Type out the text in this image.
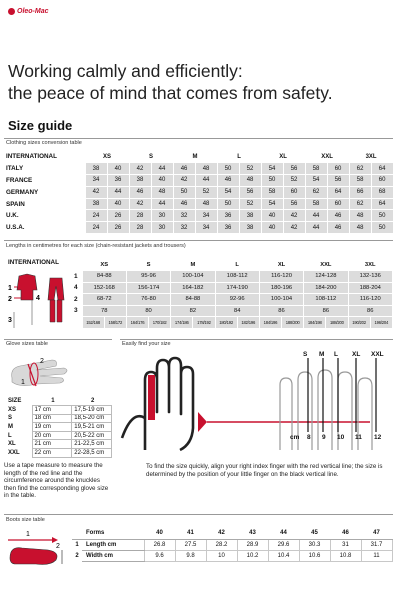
Oleo-Mac
Working calmly and efficiently:
the peace of mind that comes from safety.
Size guide
Clothing sizes conversion table
INTERNATIONAL	XS		S		M		L		XL		XXL		3XL	
ITALY	38	40	42	44	46	48	50	52	54	56	58	60	62	64
FRANCE	34	36	38	40	42	44	46	48	50	52	54	56	58	60
GERMANY	42	44	46	48	50	52	54	56	58	60	62	64	66	68
SPAIN	38	40	42	44	46	48	50	52	54	56	58	60	62	64
U.K.	24	26	28	30	32	34	36	38	40	42	44	46	48	50
U.S.A.	24	26	28	30	32	34	36	38	40	42	44	46	48	50
Lengths in centimetres for each size (chain-resistant jackets and trousers)
1
2
3
4
	XS		S		M		L		XL		XXL		3XL	
1	84-88		95-96		100-104		108-112		116-120		124-128		132-136	
4	152-168		156-174		164-182		174-190		180-196		184-200		188-204	
2	68-72		76-80		84-88		92-96		100-104		108-112		116-120	
3	78		80		82		84		86		86		86	
	152/168	158/172	164/176	170/182	174/186	178/192	180/192	182/196	184/196	188/200	184/198	188/200	190/202	196/204
INTERNATIONAL
Glove sizes table
2
1
SIZE	1	2
XS	17 cm	17,5-19 cm
S	18 cm	18,5-20 cm
M	19 cm	19,5-21 cm
L	20 cm	20,5-22 cm
XL	21 cm	21-22,5 cm
XXL	22 cm	22-28,5 cm
Use a tape measure to measure the length of the red line and the circumference around the knuckles then find the corresponding glove size in the table.
Easily find your size
S M L XL XXL
cm 8 9 10 11 12
To find the size quickly, align your right index finger with the red vertical line; the size is determined by the position of your little finger on the black vertical line.
Boots size table
1
2
	Forms	40	41	42	43	44	45	46	47
1	Length cm	26.8	27.5	28.2	28.9	29.6	30.3	31	31.7
2	Width cm	9.6	9.8	10	10.2	10.4	10.6	10.8	11
